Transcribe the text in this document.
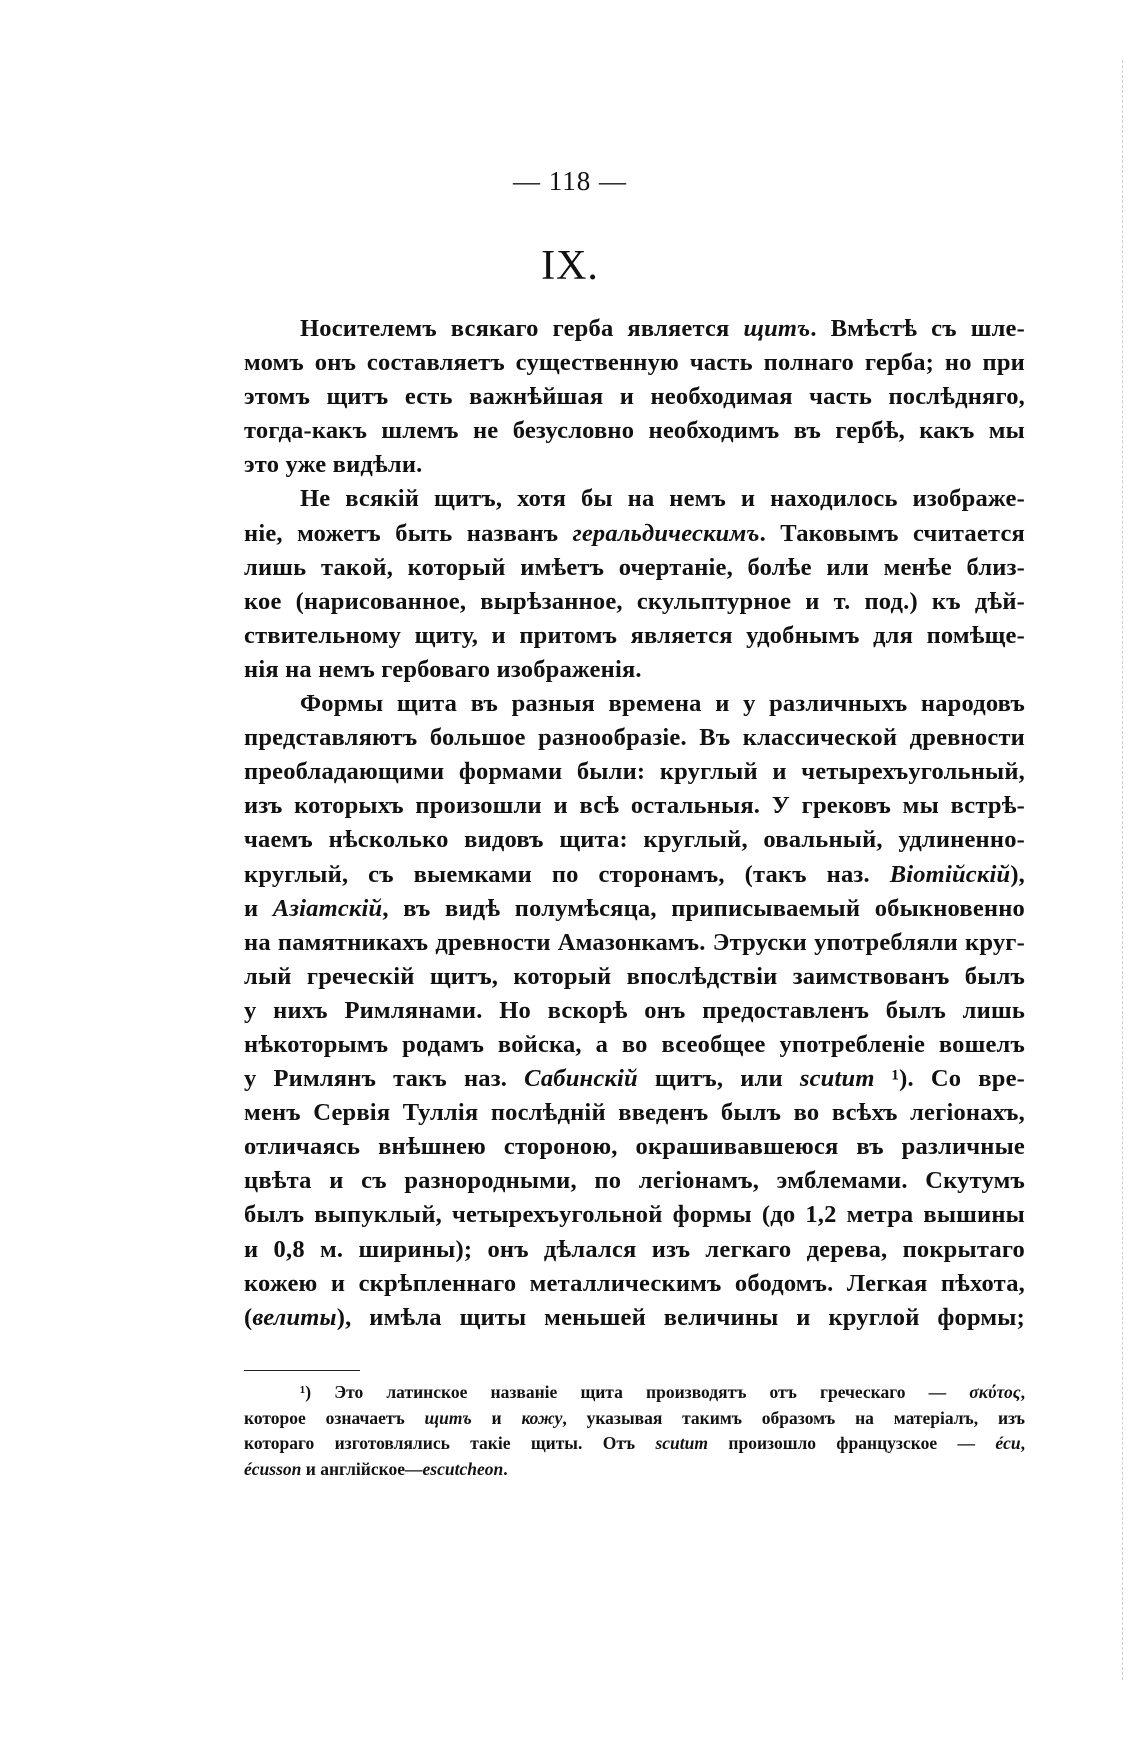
— 118 —
IX.

Носителемъ всякаго герба является щитъ. Вмѣстѣ съ шле-
момъ онъ составляетъ существенную часть полнаго герба; но при
этомъ щитъ есть важнѣйшая и необходимая часть послѣдняго,
тогда-какъ шлемъ не безусловно необходимъ въ гербѣ, какъ мы
это уже видѣли.

Не всякій щитъ, хотя бы на немъ и находилось изображе-
ніе, можетъ быть названъ геральдическимъ. Таковымъ считается
лишь такой, который имѣетъ очертаніе, болѣе или менѣе близ-
кое (нарисованное, вырѣзанное, скульптурное и т. под.) къ дѣй-
ствительному щиту, и притомъ является удобнымъ для помѣще-
нія на немъ гербоваго изображенія.

Формы щита въ разныя времена и у различныхъ народовъ
представляютъ большое разнообразіе. Въ классической древности
преобладающими формами были: круглый и четырехъугольный,
изъ которыхъ произошли и всѣ остальныя. У грековъ мы встрѣ-
чаемъ нѣсколько видовъ щита: круглый, овальный, удлиненно-
круглый, съ выемками по сторонамъ, (такъ наз. Віотійскій),
и Азіатскій, въ видѣ полумѣсяца, приписываемый обыкновенно
на памятникахъ древности Амазонкамъ. Этруски употребляли круг-
лый греческій щитъ, который впослѣдствіи заимствованъ былъ
у нихъ Римлянами. Но вскорѣ онъ предоставленъ былъ лишь
нѣкоторымъ родамъ войска, а во всеобщее употребленіе вошелъ
у Римлянъ такъ наз. Сабинскій щитъ, или scutum ¹). Со вре-
менъ Сервія Туллія послѣдній введенъ былъ во всѣхъ легіонахъ,
отличаясь внѣшнею стороною, окрашивавшеюся въ различные
цвѣта и съ разнородными, по легіонамъ, эмблемами. Скутумъ
былъ выпуклый, четырехъугольной формы (до 1,2 метра вышины
и 0,8 м. ширины); онъ дѣлался изъ легкаго дерева, покрытаго
кожею и скрѣпленнаго металлическимъ ободомъ. Легкая пѣхота,
(велиты), имѣла щиты меньшей величины и круглой формы;

¹) Это латинское названіе щита производятъ отъ греческаго — σκύτος,
которое означаетъ щитъ и кожу, указывая такимъ образомъ на матеріалъ, изъ
котораго изготовлялись такіе щиты. Отъ scutum произошло французское — écu,
écusson и англійское—escutcheon.
